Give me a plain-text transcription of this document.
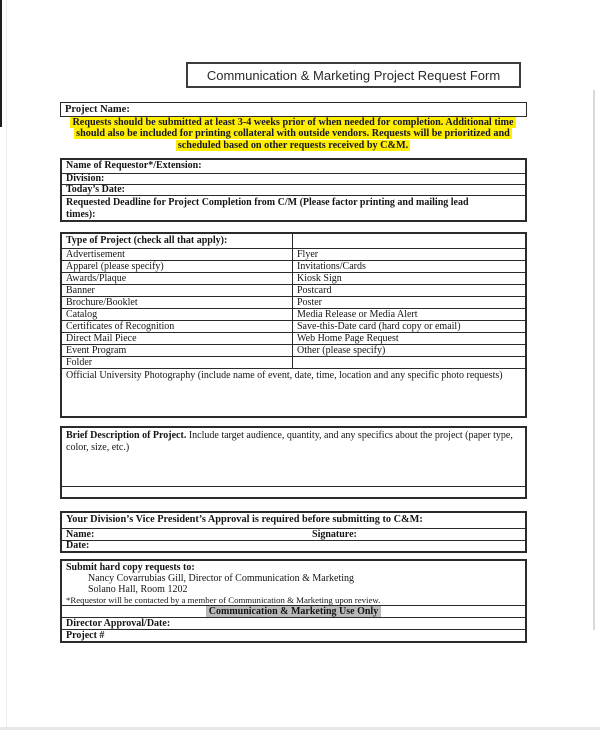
Communication & Marketing Project Request Form
Project Name:
Requests should be submitted at least 3-4 weeks prior of when needed for completion. Additional time should also be included for printing collateral with outside vendors. Requests will be prioritized and scheduled based on other requests received by C&M.
Name of Requestor*/Extension:
Division:
Today’s Date:
Requested Deadline for Project Completion from C/M (Please factor printing and mailing lead times):
Type of Project (check all that apply):
Advertisement	Flyer
Apparel (please specify)	Invitations/Cards
Awards/Plaque	Kiosk Sign
Banner	Postcard
Brochure/Booklet	Poster
Catalog	Media Release or Media Alert
Certificates of Recognition	Save-this-Date card (hard copy or email)
Direct Mail Piece	Web Home Page Request
Event Program	Other (please specify)
Folder
Official University Photography (include name of event, date, time, location and any specific photo requests)
Brief Description of Project. Include target audience, quantity, and any specifics about the project (paper type, color, size, etc.)
Your Division’s Vice President’s Approval is required before submitting to C&M:
Name:	Signature:
Date:
Submit hard copy requests to:
Nancy Covarrubias Gill, Director of Communication & Marketing
Solano Hall, Room 1202
*Requestor will be contacted by a member of Communication & Marketing upon review.
Communication & Marketing Use Only
Director Approval/Date:
Project #
